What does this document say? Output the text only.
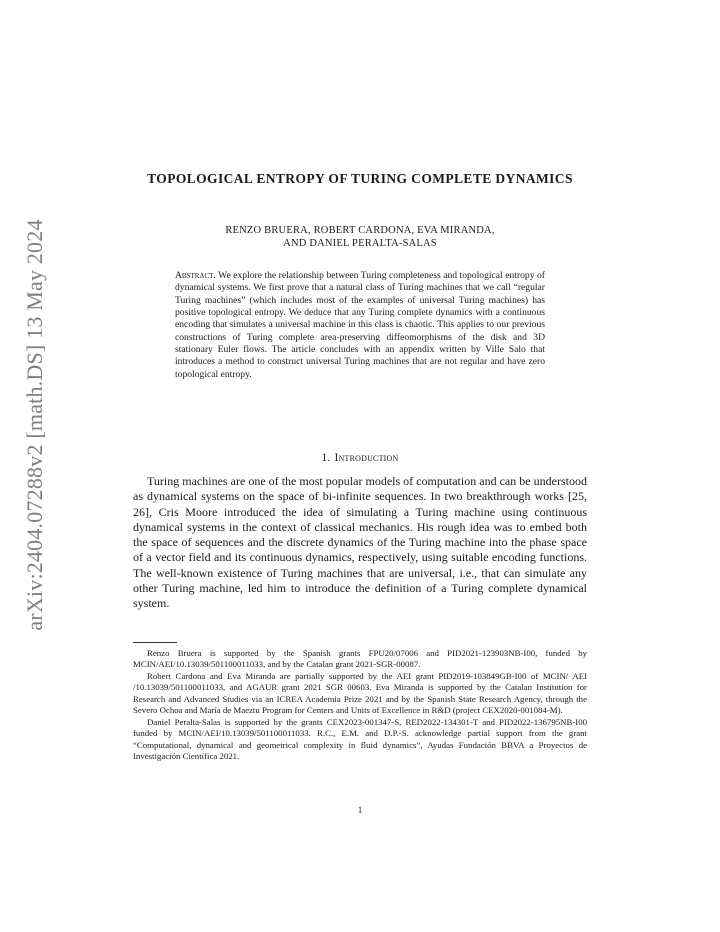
arXiv:2404.07288v2 [math.DS] 13 May 2024
TOPOLOGICAL ENTROPY OF TURING COMPLETE DYNAMICS
RENZO BRUERA, ROBERT CARDONA, EVA MIRANDA,
AND DANIEL PERALTA-SALAS
Abstract. We explore the relationship between Turing completeness and topological entropy of dynamical systems. We first prove that a natural class of Turing machines that we call “regular Turing machines” (which includes most of the examples of universal Turing machines) has positive topological entropy. We deduce that any Turing complete dynamics with a continuous encoding that simulates a universal machine in this class is chaotic. This applies to our previous constructions of Turing complete area-preserving diffeomorphisms of the disk and 3D stationary Euler flows. The article concludes with an appendix written by Ville Salo that introduces a method to construct universal Turing machines that are not regular and have zero topological entropy.
1. Introduction
Turing machines are one of the most popular models of computation and can be understood as dynamical systems on the space of bi-infinite sequences. In two breakthrough works [25, 26], Cris Moore introduced the idea of simulating a Turing machine using continuous dynamical systems in the context of classical mechanics. His rough idea was to embed both the space of sequences and the discrete dynamics of the Turing machine into the phase space of a vector field and its continuous dynamics, respectively, using suitable encoding functions. The well-known existence of Turing machines that are universal, i.e., that can simulate any other Turing machine, led him to introduce the definition of a Turing complete dynamical system.

Renzo Bruera is supported by the Spanish grants FPU20/07006 and PID2021-123903NB-I00, funded by MCIN/AEI/10.13039/501100011033, and by the Catalan grant 2021-SGR-00087.

Robert Cardona and Eva Miranda are partially supported by the AEI grant PID2019-103849GB-I00 of MCIN/ AEI /10.13039/501100011033, and AGAUR grant 2021 SGR 00603. Eva Miranda is supported by the Catalan Institution for Research and Advanced Studies via an ICREA Academia Prize 2021 and by the Spanish State Research Agency, through the Severo Ochoa and María de Maeztu Program for Centers and Units of Excellence in R&D (project CEX2020-001084-M).

Daniel Peralta-Salas is supported by the grants CEX2023-001347-S, RED2022-134301-T and PID2022-136795NB-I00 funded by MCIN/AEI/10.13039/501100011033. R.C., E.M. and D.P.-S. acknowledge partial support from the grant “Computational, dynamical and geometrical complexity in fluid dynamics”, Ayudas Fundación BBVA a Proyectos de Investigación Científica 2021.

1
